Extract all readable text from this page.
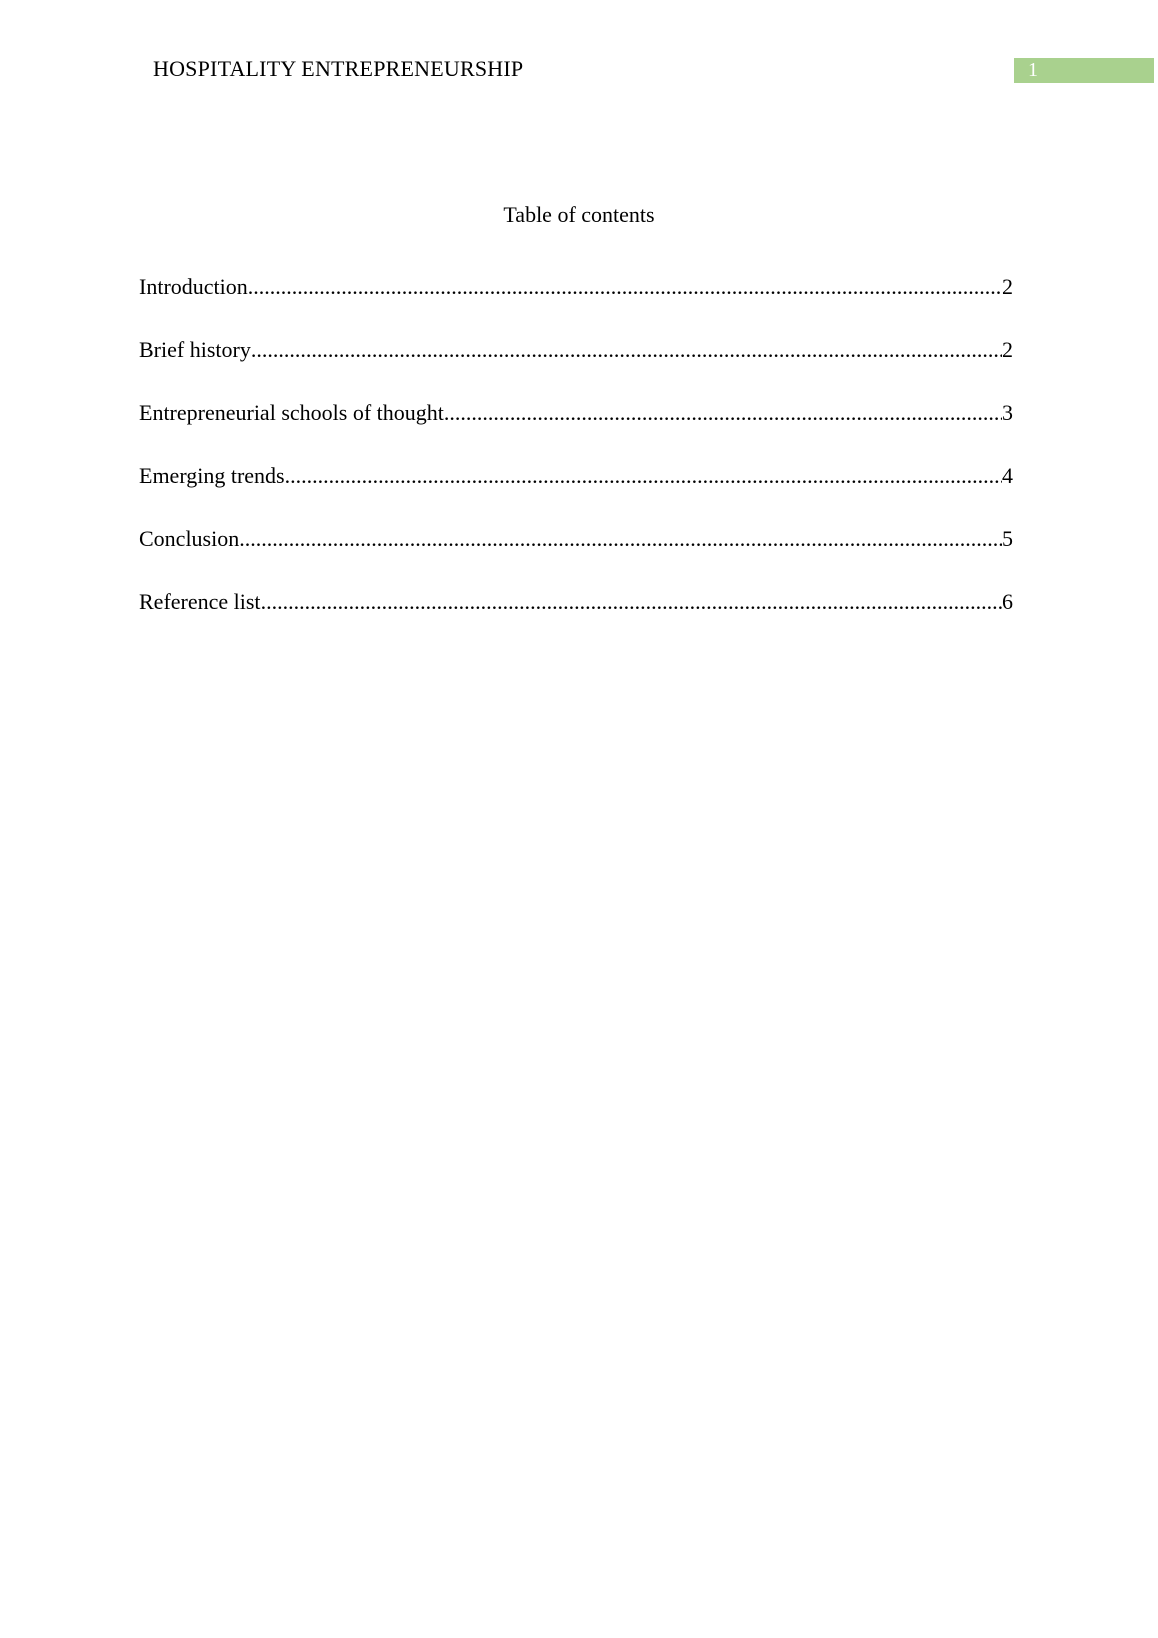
HOSPITALITY ENTREPRENEURSHIP	1
Table of contents
Introduction .....	2
Brief history .....	2
Entrepreneurial schools of thought .....	3
Emerging trends .....	4
Conclusion .....	5
Reference list .....	6
